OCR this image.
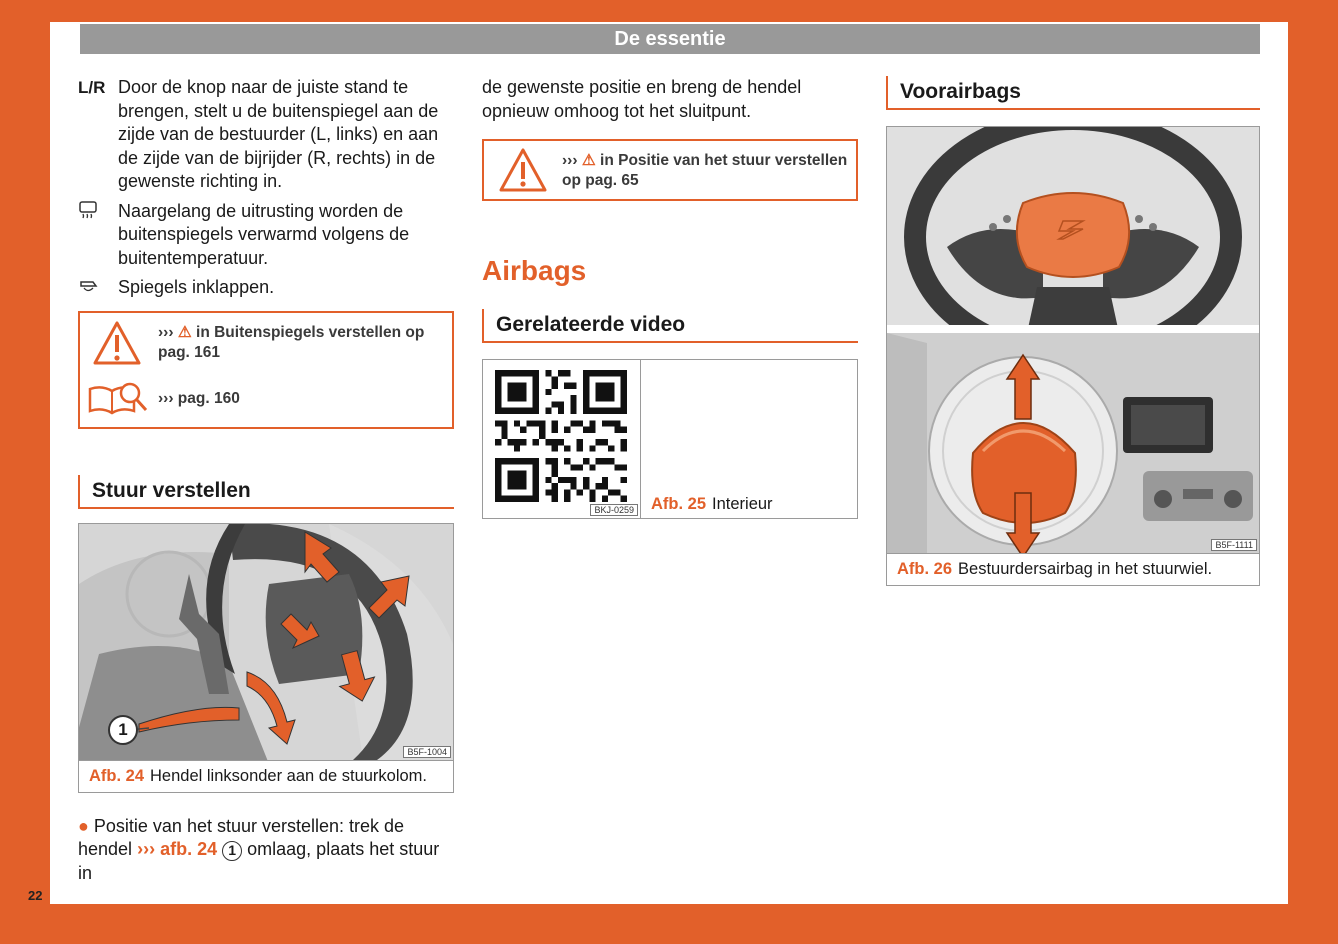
De essentie
L/R Door de knop naar de juiste stand te brengen, stelt u de buitenspiegel aan de zijde van de bestuurder (L, links) en aan de zijde van de bijrijder (R, rechts) in de gewenste richting in.
Naargelang de uitrusting worden de buitenspiegels verwarmd volgens de buitentemperatuur.
Spiegels inklappen.
››› ⚠ in Buitenspiegels verstellen op pag. 161
››› pag. 160
Stuur verstellen
1
B5F-1004
Afb. 24 Hendel linksonder aan de stuurkolom.
● Positie van het stuur verstellen: trek de hendel ››› afb. 24 1 omlaag, plaats het stuur in
de gewenste positie en breng de hendel opnieuw omhoog tot het sluitpunt.
››› ⚠ in Positie van het stuur verstellen op pag. 65
Airbags
Gerelateerde video
BKJ-0259	Afb. 25 Interieur
Voorairbags
B5F-1111
Afb. 26 Bestuurdersairbag in het stuurwiel.
22
